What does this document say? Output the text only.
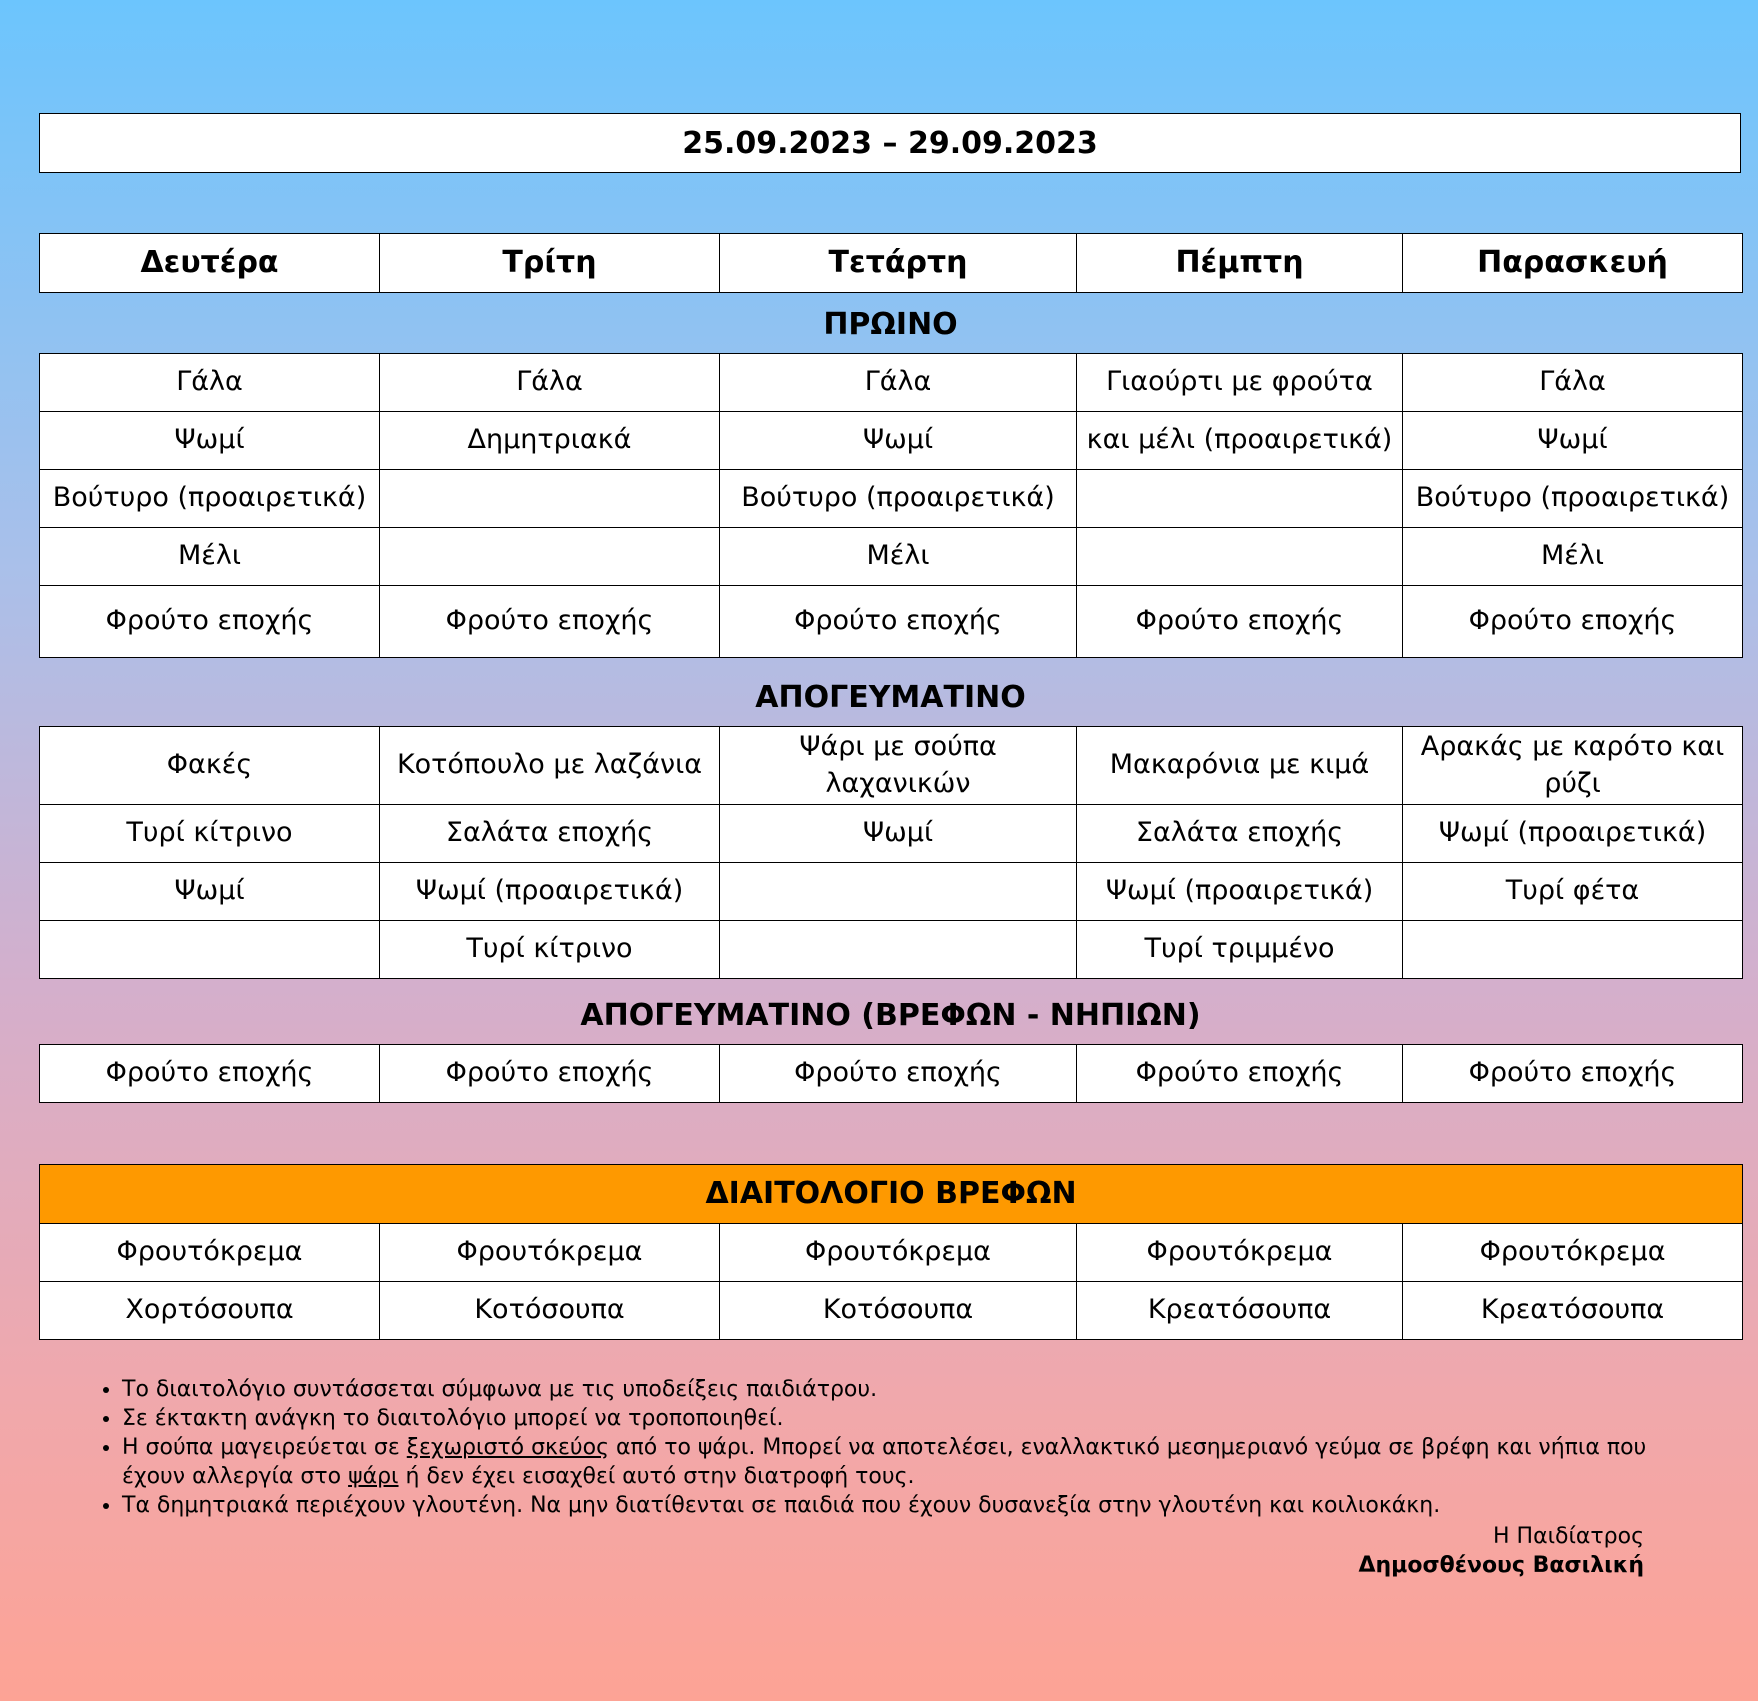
25.09.2023 – 29.09.2023
Δευτέρα	Τρίτη	Τετάρτη	Πέμπτη	Παρασκευή
ΠΡΩΙΝΟ
Γάλα	Γάλα	Γάλα	Γιαούρτι με φρούτα	Γάλα
Ψωμί	Δημητριακά	Ψωμί	και μέλι (προαιρετικά)	Ψωμί
Βούτυρο (προαιρετικά)		Βούτυρο (προαιρετικά)		Βούτυρο (προαιρετικά)
Μέλι		Μέλι		Μέλι
Φρούτο εποχής	Φρούτο εποχής	Φρούτο εποχής	Φρούτο εποχής	Φρούτο εποχής
ΑΠΟΓΕΥΜΑΤΙΝΟ
Φακές	Κοτόπουλο με λαζάνια	Ψάρι με σούπα λαχανικών	Μακαρόνια με κιμά	Αρακάς με καρότο και ρύζι
Τυρί κίτρινο	Σαλάτα εποχής	Ψωμί	Σαλάτα εποχής	Ψωμί (προαιρετικά)
Ψωμί	Ψωμί (προαιρετικά)		Ψωμί (προαιρετικά)	Τυρί φέτα
	Τυρί κίτρινο		Τυρί τριμμένο	
ΑΠΟΓΕΥΜΑΤΙΝΟ (ΒΡΕΦΩΝ - ΝΗΠΙΩΝ)
Φρούτο εποχής	Φρούτο εποχής	Φρούτο εποχής	Φρούτο εποχής	Φρούτο εποχής
ΔΙΑΙΤΟΛΟΓΙΟ ΒΡΕΦΩΝ				
Φρουτόκρεμα	Φρουτόκρεμα	Φρουτόκρεμα	Φρουτόκρεμα	Φρουτόκρεμα
Χορτόσουπα	Κοτόσουπα	Κοτόσουπα	Κρεατόσουπα	Κρεατόσουπα
• Το διαιτολόγιο συντάσσεται σύμφωνα με τις υποδείξεις παιδιάτρου.
• Σε έκτακτη ανάγκη το διαιτολόγιο μπορεί να τροποποιηθεί.
• Η σούπα μαγειρεύεται σε ξεχωριστό σκεύος από το ψάρι. Μπορεί να αποτελέσει, εναλλακτικό μεσημεριανό γεύμα σε βρέφη και νήπια που έχουν αλλεργία στο ψάρι ή δεν έχει εισαχθεί αυτό στην διατροφή τους.
• Τα δημητριακά περιέχουν γλουτένη. Να μην διατίθενται σε παιδιά που έχουν δυσανεξία στην γλουτένη και κοιλιοκάκη.
Η Παιδίατρος
Δημοσθένους Βασιλική
